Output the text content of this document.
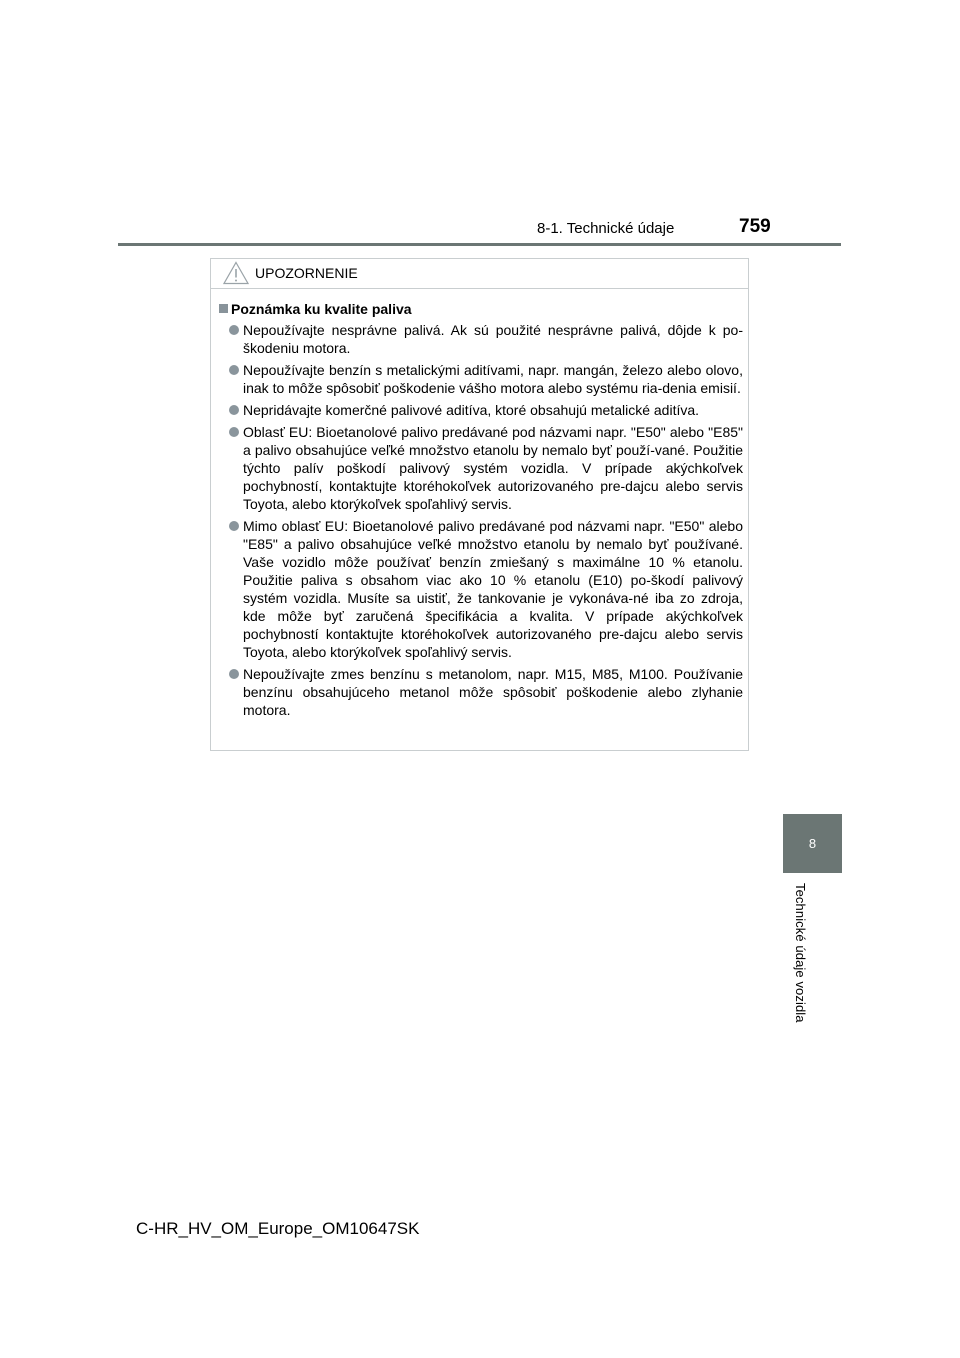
8-1. Technické údaje	759
8
Technické údaje vozidla
UPOZORNENIE
Poznámka ku kvalite paliva
Nepoužívajte nesprávne palivá. Ak sú použité nesprávne palivá, dôjde k po-škodeniu motora.
Nepoužívajte benzín s metalickými aditívami, napr. mangán, železo alebo olovo, inak to môže spôsobiť poškodenie vášho motora alebo systému ria-denia emisií.
Nepridávajte komerčné palivové aditíva, ktoré obsahujú metalické aditíva.
Oblasť EU: Bioetanolové palivo predávané pod názvami napr. "E50" alebo "E85" a palivo obsahujúce veľké množstvo etanolu by nemalo byť použí-vané. Použitie týchto palív poškodí palivový systém vozidla. V prípade akýchkoľvek pochybností, kontaktujte ktoréhokoľvek autorizovaného pre-dajcu alebo servis Toyota, alebo ktorýkoľvek spoľahlivý servis.
Mimo oblasť EU: Bioetanolové palivo predávané pod názvami napr. "E50" alebo "E85" a palivo obsahujúce veľké množstvo etanolu by nemalo byť používané. Vaše vozidlo môže používať benzín zmiešaný s maximálne 10 % etanolu. Použitie paliva s obsahom viac ako 10 % etanolu (E10) po-škodí palivový systém vozidla. Musíte sa uistiť, že tankovanie je vykonáva-né iba zo zdroja, kde môže byť zaručená špecifikácia a kvalita. V prípade akýchkoľvek pochybností kontaktujte ktoréhokoľvek autorizovaného pre-dajcu alebo servis Toyota, alebo ktorýkoľvek spoľahlivý servis.
Nepoužívajte zmes benzínu s metanolom, napr. M15, M85, M100. Používanie benzínu obsahujúceho metanol môže spôsobiť poškodenie alebo zlyhanie motora.
C-HR_HV_OM_Europe_OM10647SK
